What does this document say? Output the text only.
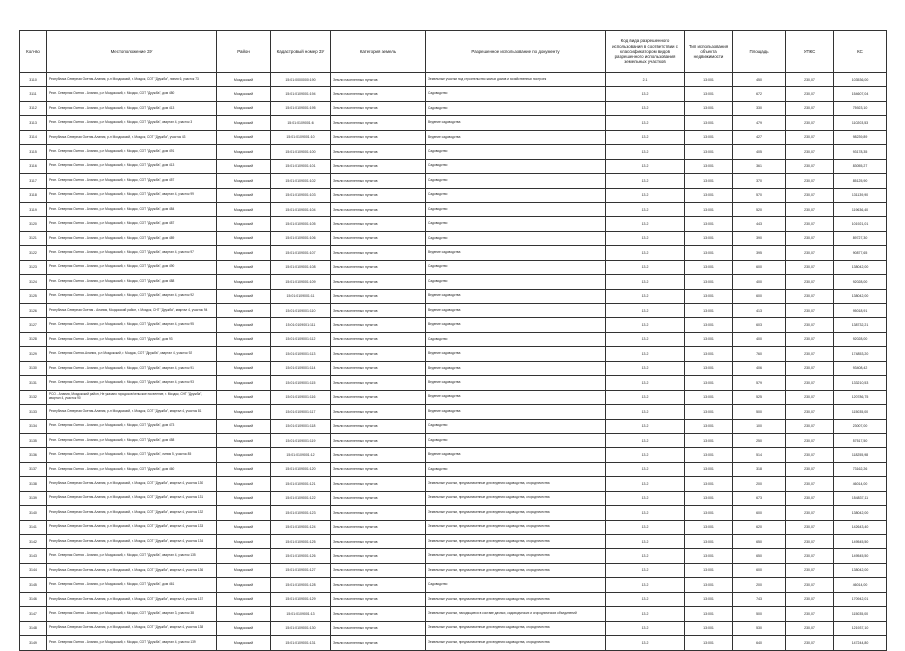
Кол-во	Местоположение ЗУ	Район	Кадастровый номер ЗУ	Категория земель	Разрешенное использование по документу	Код вида разрешенного использования в соответствии с классификатором видов разрешенного использования земельных участков	Тип использования объекта недвижимости	Площадь	УПКС	КС
3110	Республика Северная Осетия-Алания, р-н Моздокский, г. Моздок, СОТ "Дружба", линия 6, участок 73	Моздокский	15:01:0000000:190	Земли населенных пунктов	Земельные участки под строительство жилых домов и хозяйственных построек	2.1	13:001	450	230,07	103536,00
3111	Респ. Северная Осетия - Алания, р-н Моздокский, г. Моздок, СОТ "Дружба", дом 480	Моздокский	15:01:0109001:194	Земли населенных пунктов	Садоводство	13.2	13:001	672	230,07	154607,04
3112	Респ. Северная Осетия - Алания, р-н Моздокский, г. Моздок, СОТ "Дружба", дом 413	Моздокский	15:01:0109001:195	Земли населенных пунктов	Садоводство	13.2	13:001	330	230,07	75923,10
3113	Респ. Северная Осетия - Алания, р-н Моздокский, г. Моздок, СОТ "Дружба", квартал 4, участок 3	Моздокский	15:01:0109001:6	Земли населенных пунктов	Ведение садоводства	13.2	13:001	479	230,07	110203,53
3114	Республика Северная Осетия-Алания, р-н Моздокский, г. Моздок, СОТ "Дружба", участок 43	Моздокский	15:01:0109001:10	Земли населенных пунктов	Ведение садоводства	13.2	13:001	427	230,07	98239,89
3115	Респ. Северная Осетия - Алания, р-н Моздокский, г. Моздок, СОТ "Дружба", дом 491	Моздокский	15:01:0109001:100	Земли населенных пунктов	Садоводство	13.2	13:001	405	230,07	93178,35
3116	Респ. Северная Осетия - Алания, р-н Моздокский, г. Моздок, СОТ "Дружба", дом 413	Моздокский	15:01:0109001:101	Земли населенных пунктов	Садоводство	13.2	13:001	361	230,07	83055,27
3117	Респ. Северная Осетия - Алания, р-н Моздокский, г. Моздок, СОТ "Дружба", дом 457	Моздокский	15:01:0109001:102	Земли населенных пунктов	Садоводство	13.2	13:001	370	230,07	85125,90
3118	Респ. Северная Осетия - Алания, р-н Моздокский, г. Моздок, СОТ "Дружба", квартал 4, участок 99	Моздокский	15:01:0109001:103	Земли населенных пунктов	Садоводство	13.2	13:001	570	230,07	131139,90
3119	Респ. Северная Осетия - Алания, р-н Моздокский, г. Моздок, СОТ "Дружба", дом 484	Моздокский	15:01:0109001:104	Земли населенных пунктов	Садоводство	13.2	13:001	520	230,07	119636,40
3120	Респ. Северная Осетия - Алания, р-н Моздокский, г. Моздок, СОТ "Дружба", дом 487	Моздокский	15:01:0109001:105	Земли населенных пунктов	Садоводство	13.2	13:001	443	230,07	101921,01
3121	Респ. Северная Осетия - Алания, р-н Моздокский, г. Моздок, СОТ "Дружба", дом 489	Моздокский	15:01:0109001:106	Земли населенных пунктов	Садоводство	13.2	13:001	390	230,07	89727,30
3122	Респ. Северная Осетия - Алания, р-н Моздокский, г. Моздок, СОТ "Дружба", квартал 4, участок 97	Моздокский	15:01:0109001:107	Земли населенных пунктов	Ведение садоводства	13.2	13:001	395	230,07	90877,65
3123	Респ. Северная Осетия - Алания, р-н Моздокский, г. Моздок, СОТ "Дружба", дом 490	Моздокский	15:01:0109001:108	Земли населенных пунктов	Садоводство	13.2	13:001	600	230,07	138042,00
3124	Респ. Северная Осетия - Алания, р-н Моздокский, г. Моздок, СОТ "Дружба", дом 488	Моздокский	15:01:0109001:109	Земли населенных пунктов	Садоводство	13.2	13:001	400	230,07	92028,00
3125	Респ. Северная Осетия - Алания, р-н Моздокский, г. Моздок, СОТ "Дружба", квартал 4, участок 92	Моздокский	15:01:0109001:11	Земли населенных пунктов	Ведение садоводства	13.2	13:001	600	230,07	138042,00
3126	Республика Северная Осетия - Алания, Моздокский район, г. Моздок, СНТ "Дружба", квартал 4, участок 94	Моздокский	15:01:0109001:110	Земли населенных пунктов	Ведение садоводства	13.2	13:001	413	230,07	95018,91
3127	Респ. Северная Осетия - Алания, р-н Моздокский, г. Моздок, СОТ "Дружба", квартал 4, участок 95	Моздокский	15:01:0109001:111	Земли населенных пунктов	Ведение садоводства	13.2	13:001	603	230,07	138732,21
3128	Респ. Северная Осетия - Алания, р-н Моздокский, г. Моздок, СОТ "Дружба", дом 93	Моздокский	15:01:0109001:112	Земли населенных пунктов	Садоводство	13.2	13:001	400	230,07	92028,00
3129	Респ. Северная Осетия-Алания, р-н Моздокский, г. Моздок, СОТ "Дружба", квартал 4, участок 92	Моздокский	15:01:0109001:113	Земли населенных пунктов	Ведение садоводства	13.2	13:001	760	230,07	174853,20
3130	Респ. Северная Осетия - Алания, р-н Моздокский, г. Моздок, СОТ "Дружба", квартал 4, участок 91	Моздокский	15:01:0109001:114	Земли населенных пунктов	Ведение садоводства	13.2	13:001	406	230,07	93408,42
3131	Респ. Северная Осетия - Алания, р-н Моздокский, г. Моздок, СОТ "Дружба", квартал 4, участок 93	Моздокский	15:01:0109001:115	Земли населенных пунктов	Ведение садоводства	13.2	13:001	579	230,07	133210,53
3132	РСО - Алания, Моздокский район, Не указано городское/сельское поселение, г. Моздок, СНТ "Дружба", квартал 4, участок 90	Моздокский	15:01:0109001:116	Земли населенных пунктов	Ведение садоводства	13.2	13:001	525	230,07	120786,75
3133	Республика Северная Осетия-Алания, р-н Моздокский, г. Моздок, СОТ "Дружба", квартал 4, участок 81	Моздокский	15:01:0109001:117	Земли населенных пунктов	Ведение садоводства	13.2	13:001	500	230,07	115035,00
3134	Респ. Северная Осетия - Алания, р-н Моздокский, г. Моздок, СОТ "Дружба", дом 473	Моздокский	15:01:0109001:118	Земли населенных пунктов	Садоводство	13.2	13:001	100	230,07	23007,00
3135	Респ. Северная Осетия - Алания, р-н Моздокский, г. Моздок, СОТ "Дружба", дом 458	Моздокский	15:01:0109001:119	Земли населенных пунктов	Садоводство	13.2	13:001	250	230,07	57517,50
3136	Респ. Северная Осетия - Алания, р-н Моздокский, г. Моздок, СОТ "Дружба", линия 5, участок 85	Моздокский	15:01:0109001:12	Земли населенных пунктов	Ведение садоводства	13.2	13:001	514	230,07	118255,98
3137	Респ. Северная Осетия - Алания, р-н Моздокский, г. Моздок, СОТ "Дружба", дом 460	Моздокский	15:01:0109001:120	Земли населенных пунктов	Садоводство	13.2	13:001	318	230,07	73162,26
3138	Республика Северная Осетия-Алания, р-н Моздокский, г. Моздок, СОТ "Дружба", квартал 4, участок 130	Моздокский	15:01:0109001:121	Земли населенных пунктов	Земельные участки, предназначенные для ведения садоводства, огородничества	13.2	13:001	200	230,07	46014,00
3139	Республика Северная Осетия-Алания, р-н Моздокский, г. Моздок, СОТ "Дружба", квартал 4, участок 131	Моздокский	15:01:0109001:122	Земли населенных пунктов	Земельные участки, предназначенные для ведения садоводства, огородничества	13.2	13:001	673	230,07	154837,11
3140	Республика Северная Осетия-Алания, р-н Моздокский, г. Моздок, СОТ "Дружба", квартал 4, участок 132	Моздокский	15:01:0109001:123	Земли населенных пунктов	Земельные участки, предназначенные для ведения садоводства, огородничества	13.2	13:001	600	230,07	138042,00
3141	Республика Северная Осетия-Алания, р-н Моздокский, г. Моздок, СОТ "Дружба", квартал 4, участок 133	Моздокский	15:01:0109001:124	Земли населенных пунктов	Земельные участки, предназначенные для ведения садоводства, огородничества	13.2	13:001	620	230,07	142643,40
3142	Республика Северная Осетия-Алания, р-н Моздокский, г. Моздок, СОТ "Дружба", квартал 4, участок 134	Моздокский	15:01:0109001:125	Земли населенных пунктов	Земельные участки, предназначенные для ведения садоводства, огородничества	13.2	13:001	650	230,07	149545,50
3143	Респ. Северная Осетия - Алания, р-н Моздокский, г. Моздок, СОТ "Дружба", квартал 4, участок 135	Моздокский	15:01:0109001:126	Земли населенных пунктов	Земельные участки, предназначенные для ведения садоводства, огородничества	13.2	13:001	650	230,07	149545,50
3144	Республика Северная Осетия-Алания, р-н Моздокский, г. Моздок, СОТ "Дружба", квартал 4, участок 136	Моздокский	15:01:0109001:127	Земли населенных пунктов	Земельные участки, предназначенные для ведения садоводства, огородничества	13.2	13:001	600	230,07	138042,00
3145	Респ. Северная Осетия - Алания, р-н Моздокский, г. Моздок, СОТ "Дружба", дом 461	Моздокский	15:01:0109001:128	Земли населенных пунктов	Садоводство	13.2	13:001	200	230,07	46014,00
3146	Республика Северная Осетия-Алания, р-н Моздокский, г. Моздок, СОТ "Дружба", квартал 4, участок 137	Моздокский	15:01:0109001:129	Земли населенных пунктов	Земельные участки, предназначенные для ведения садоводства, огородничества	13.2	13:001	743	230,07	170942,01
3147	Респ. Северная Осетия - Алания, р-н Моздокский, г. Моздок, СОТ "Дружба", квартал 3, участок 38	Моздокский	15:01:0109001:13	Земли населенных пунктов	Земельные участки, находящиеся в составе дачных, садоводческих и огороднических объединений	13.2	13:001	500	230,07	115035,00
3148	Республика Северная Осетия-Алания, р-н Моздокский, г. Моздок, СОТ "Дружба", квартал 4, участок 138	Моздокский	15:01:0109001:130	Земли населенных пунктов	Земельные участки, предназначенные для ведения садоводства, огородничества	13.2	13:001	530	230,07	121937,10
3149	Респ. Северная Осетия - Алания, р-н Моздокский, г. Моздок, СОТ "Дружба", квартал 4, участок 139	Моздокский	15:01:0109001:131	Земли населенных пунктов	Земельные участки, предназначенные для ведения садоводства, огородничества	13.2	13:001	640	230,07	147244,80
